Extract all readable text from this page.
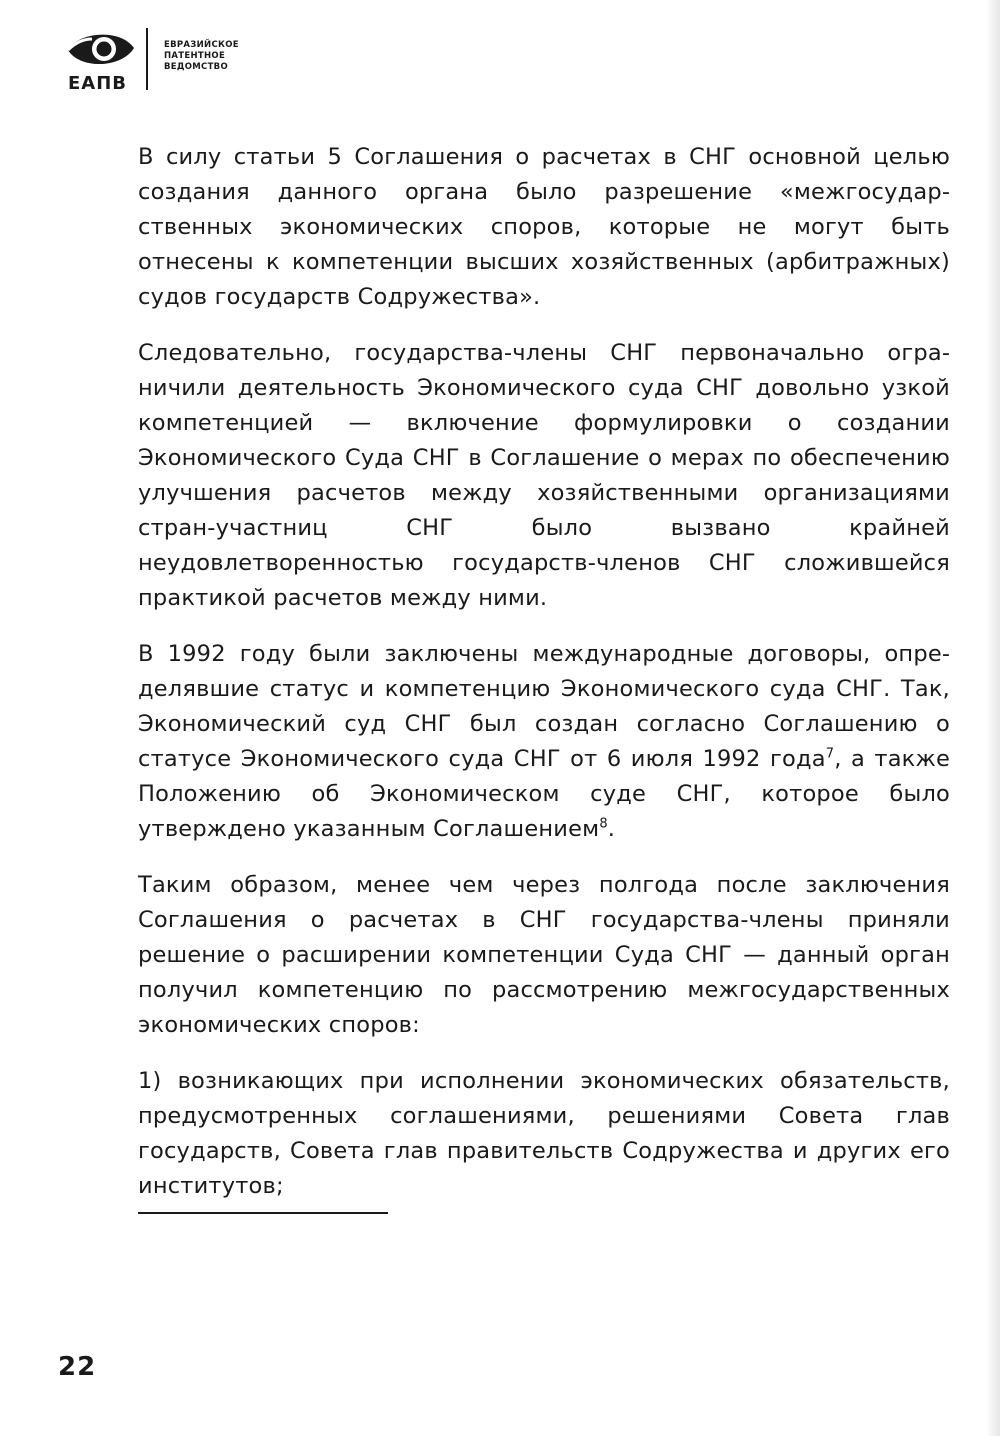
ЕАПВ
ЕВРАЗИЙСКОЕ
ПАТЕНТНОЕ
ВЕДОМСТВО

В силу статьи 5 Соглашения о расчетах в СНГ основной целью создания данного органа было разрешение «межгосударственных экономических споров, которые не могут быть отнесены к компетенции высших хозяйственных (арбитражных) судов государств Содружества».

Следовательно, государства-члены СНГ первоначально ограничили деятельность Экономического суда СНГ довольно узкой компетенцией — включение формулировки о создании Экономического Суда СНГ в Соглашение о мерах по обеспечению улучшения расчетов между хозяйственными организациями стран-участниц СНГ было вызвано крайней неудовлетворенностью государств-членов СНГ сложившейся практикой расчетов между ними.

В 1992 году были заключены международные договоры, определявшие статус и компетенцию Экономического суда СНГ. Так, Экономический суд СНГ был создан согласно Соглашению о статусе Экономического суда СНГ от 6 июля 1992 года$^7$, а также Положению об Экономическом суде СНГ, которое было утверждено указанным Соглашением$^8$.

Таким образом, менее чем через полгода после заключения Соглашения о расчетах в СНГ государства-члены приняли решение о расширении компетенции Суда СНГ — данный орган получил компетенцию по рассмотрению межгосударственных экономических споров:

1) возникающих при исполнении экономических обязательств, предусмотренных соглашениями, решениями Совета глав государств, Совета глав правительств Содружества и других его институтов;

22
